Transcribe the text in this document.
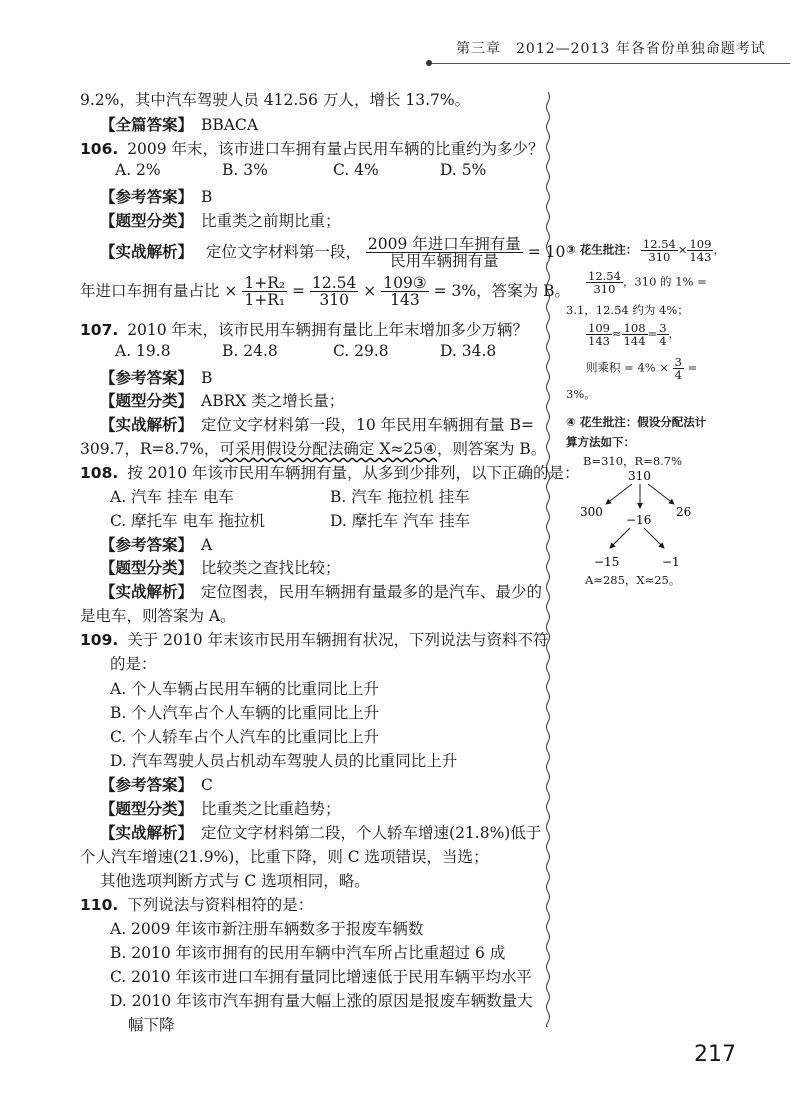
第三章　2012—2013 年各省份单独命题考试
9.2%，其中汽车驾驶人员 412.56 万人，增长 13.7%。
【全篇答案】 BBACA
106. 2009 年末，该市进口车拥有量占民用车辆的比重约为多少？
A. 2%	B. 3%	C. 4%	D. 5%
【参考答案】 B
【题型分类】 比重类之前期比重；
【实战解析】 定位文字材料第一段， $\frac{\text{2009 年进口车拥有量}}{\text{民用车辆拥有量}} = 10$
年进口车拥有量占比 × $\frac{\text{1+R₂}}{\text{1+R₁}} = \frac{12.54}{310} \times \frac{\text{109③}}{143} = 3\%$，答案为 B。
107. 2010 年末，该市民用车辆拥有量比上年末增加多少万辆？
A. 19.8	B. 24.8	C. 29.8	D. 34.8
【参考答案】 B
【题型分类】 ABRX 类之增长量；
【实战解析】 定位文字材料第一段，10 年民用车辆拥有量 B=
309.7，R=8.7%，可采用假设分配法确定 X≈25④，则答案为 B。
108. 按 2010 年该市民用车辆拥有量，从多到少排列，以下正确的是：
A. 汽车 挂车 电车	B. 汽车 拖拉机 挂车
C. 摩托车 电车 拖拉机	D. 摩托车 汽车 挂车
【参考答案】 A
【题型分类】 比较类之查找比较；
【实战解析】 定位图表，民用车辆拥有量最多的是汽车、最少的
是电车，则答案为 A。
109. 关于 2010 年末该市民用车辆拥有状况，下列说法与资料不符
的是：
A. 个人车辆占民用车辆的比重同比上升
B. 个人汽车占个人车辆的比重同比上升
C. 个人轿车占个人汽车的比重同比上升
D. 汽车驾驶人员占机动车驾驶人员的比重同比上升
【参考答案】 C
【题型分类】 比重类之比重趋势；
【实战解析】 定位文字材料第二段，个人轿车增速(21.8%)低于
个人汽车增速(21.9%)，比重下降，则 C 选项错误，当选；
其他选项判断方式与 C 选项相同，略。
110. 下列说法与资料相符的是：
A. 2009 年该市新注册车辆数多于报废车辆数
B. 2010 年该市拥有的民用车辆中汽车所占比重超过 6 成
C. 2010 年该市进口车拥有量同比增速低于民用车辆平均水平
D. 2010 年该市汽车拥有量大幅上涨的原因是报废车辆数量大
幅下降
③ 花生批注： $\frac{12.54}{310} \times \frac{109}{143}$ ，
$\frac{12.54}{310}$ ，310 的 1% =
3.1，12.54 约为 4%；
$\frac{109}{143} \approx \frac{108}{144} = \frac{3}{4}$ ，
则乘积 = $4\% \times \frac{3}{4}$ =
3%。
④ 花生批注：假设分配法计
算方法如下：
B=310，R=8.7%
310
300
−16
26
−15	−1
A≈285，X≈25。
217
